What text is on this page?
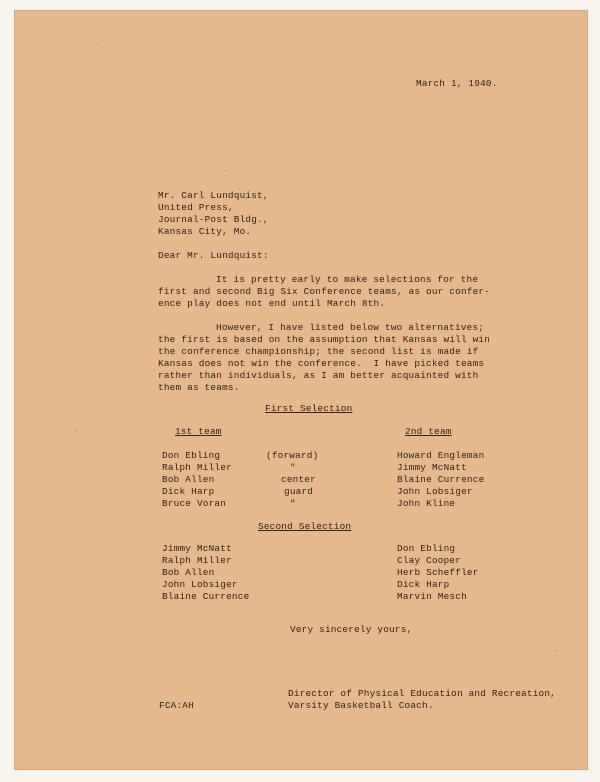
March 1, 1940.
Mr. Carl Lundquist,
United Press,
Journal-Post Bldg.,
Kansas City, Mo.
Dear Mr. Lundquist:
It is pretty early to make selections for the
first and second Big Six Conference teams, as our confer-
ence play does not end until March 8th.
However, I have listed below two alternatives;
the first is based on the assumption that Kansas will win
the conference championship; the second list is made if
Kansas does not win the conference.  I have picked teams
rather than individuals, as I am better acquainted with
them as teams.
First Selection
1st team	2nd team
Don Ebling
Ralph Miller
Bob Allen
Dick Harp
Bruce Voran
(forward)
"
center
guard
"
Howard Engleman
Jimmy McNatt
Blaine Currence
John Lobsiger
John Kline
Second Selection
Jimmy McNatt
Ralph Miller
Bob Allen
John Lobsiger
Blaine Currence
Don Ebling
Clay Cooper
Herb Scheffler
Dick Harp
Marvin Mesch
Very sincerely yours,
Director of Physical Education and Recreation,
Varsity Basketball Coach.
FCA:AH
